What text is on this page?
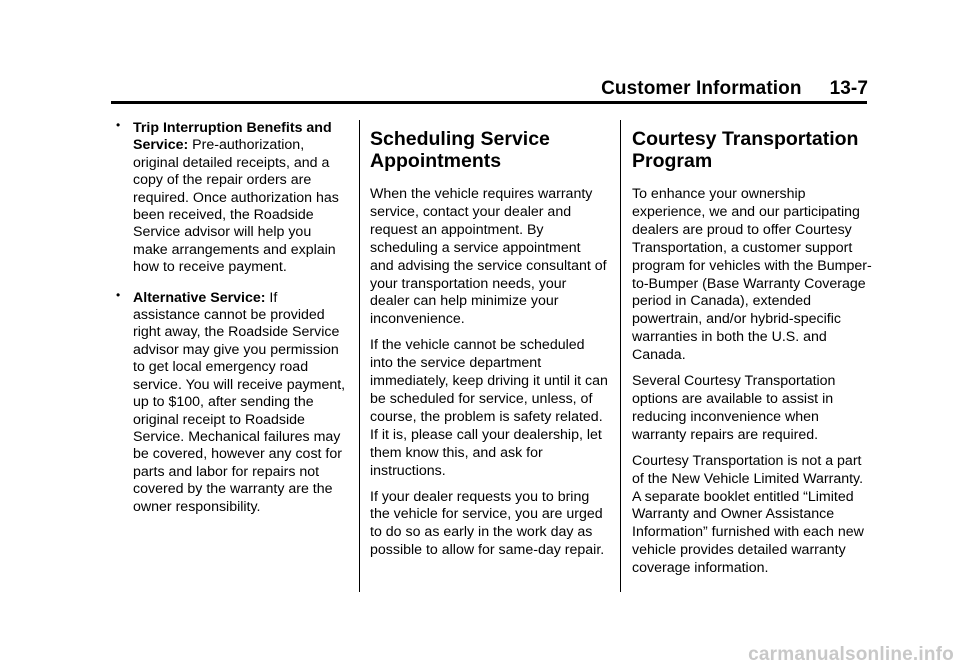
Customer Information 13-7
• Trip Interruption Benefits and Service: Pre-authorization, original detailed receipts, and a copy of the repair orders are required. Once authorization has been received, the Roadside Service advisor will help you make arrangements and explain how to receive payment.
• Alternative Service: If assistance cannot be provided right away, the Roadside Service advisor may give you permission to get local emergency road service. You will receive payment, up to $100, after sending the original receipt to Roadside Service. Mechanical failures may be covered, however any cost for parts and labor for repairs not covered by the warranty are the owner responsibility.
Scheduling Service Appointments

When the vehicle requires warranty service, contact your dealer and request an appointment. By scheduling a service appointment and advising the service consultant of your transportation needs, your dealer can help minimize your inconvenience.

If the vehicle cannot be scheduled into the service department immediately, keep driving it until it can be scheduled for service, unless, of course, the problem is safety related. If it is, please call your dealership, let them know this, and ask for instructions.

If your dealer requests you to bring the vehicle for service, you are urged to do so as early in the work day as possible to allow for same-day repair.

Courtesy Transportation Program

To enhance your ownership experience, we and our participating dealers are proud to offer Courtesy Transportation, a customer support program for vehicles with the Bumper-to-Bumper (Base Warranty Coverage period in Canada), extended powertrain, and/or hybrid-specific warranties in both the U.S. and Canada.

Several Courtesy Transportation options are available to assist in reducing inconvenience when warranty repairs are required.

Courtesy Transportation is not a part of the New Vehicle Limited Warranty. A separate booklet entitled “Limited Warranty and Owner Assistance Information” furnished with each new vehicle provides detailed warranty coverage information.

carmanualsonline.info
